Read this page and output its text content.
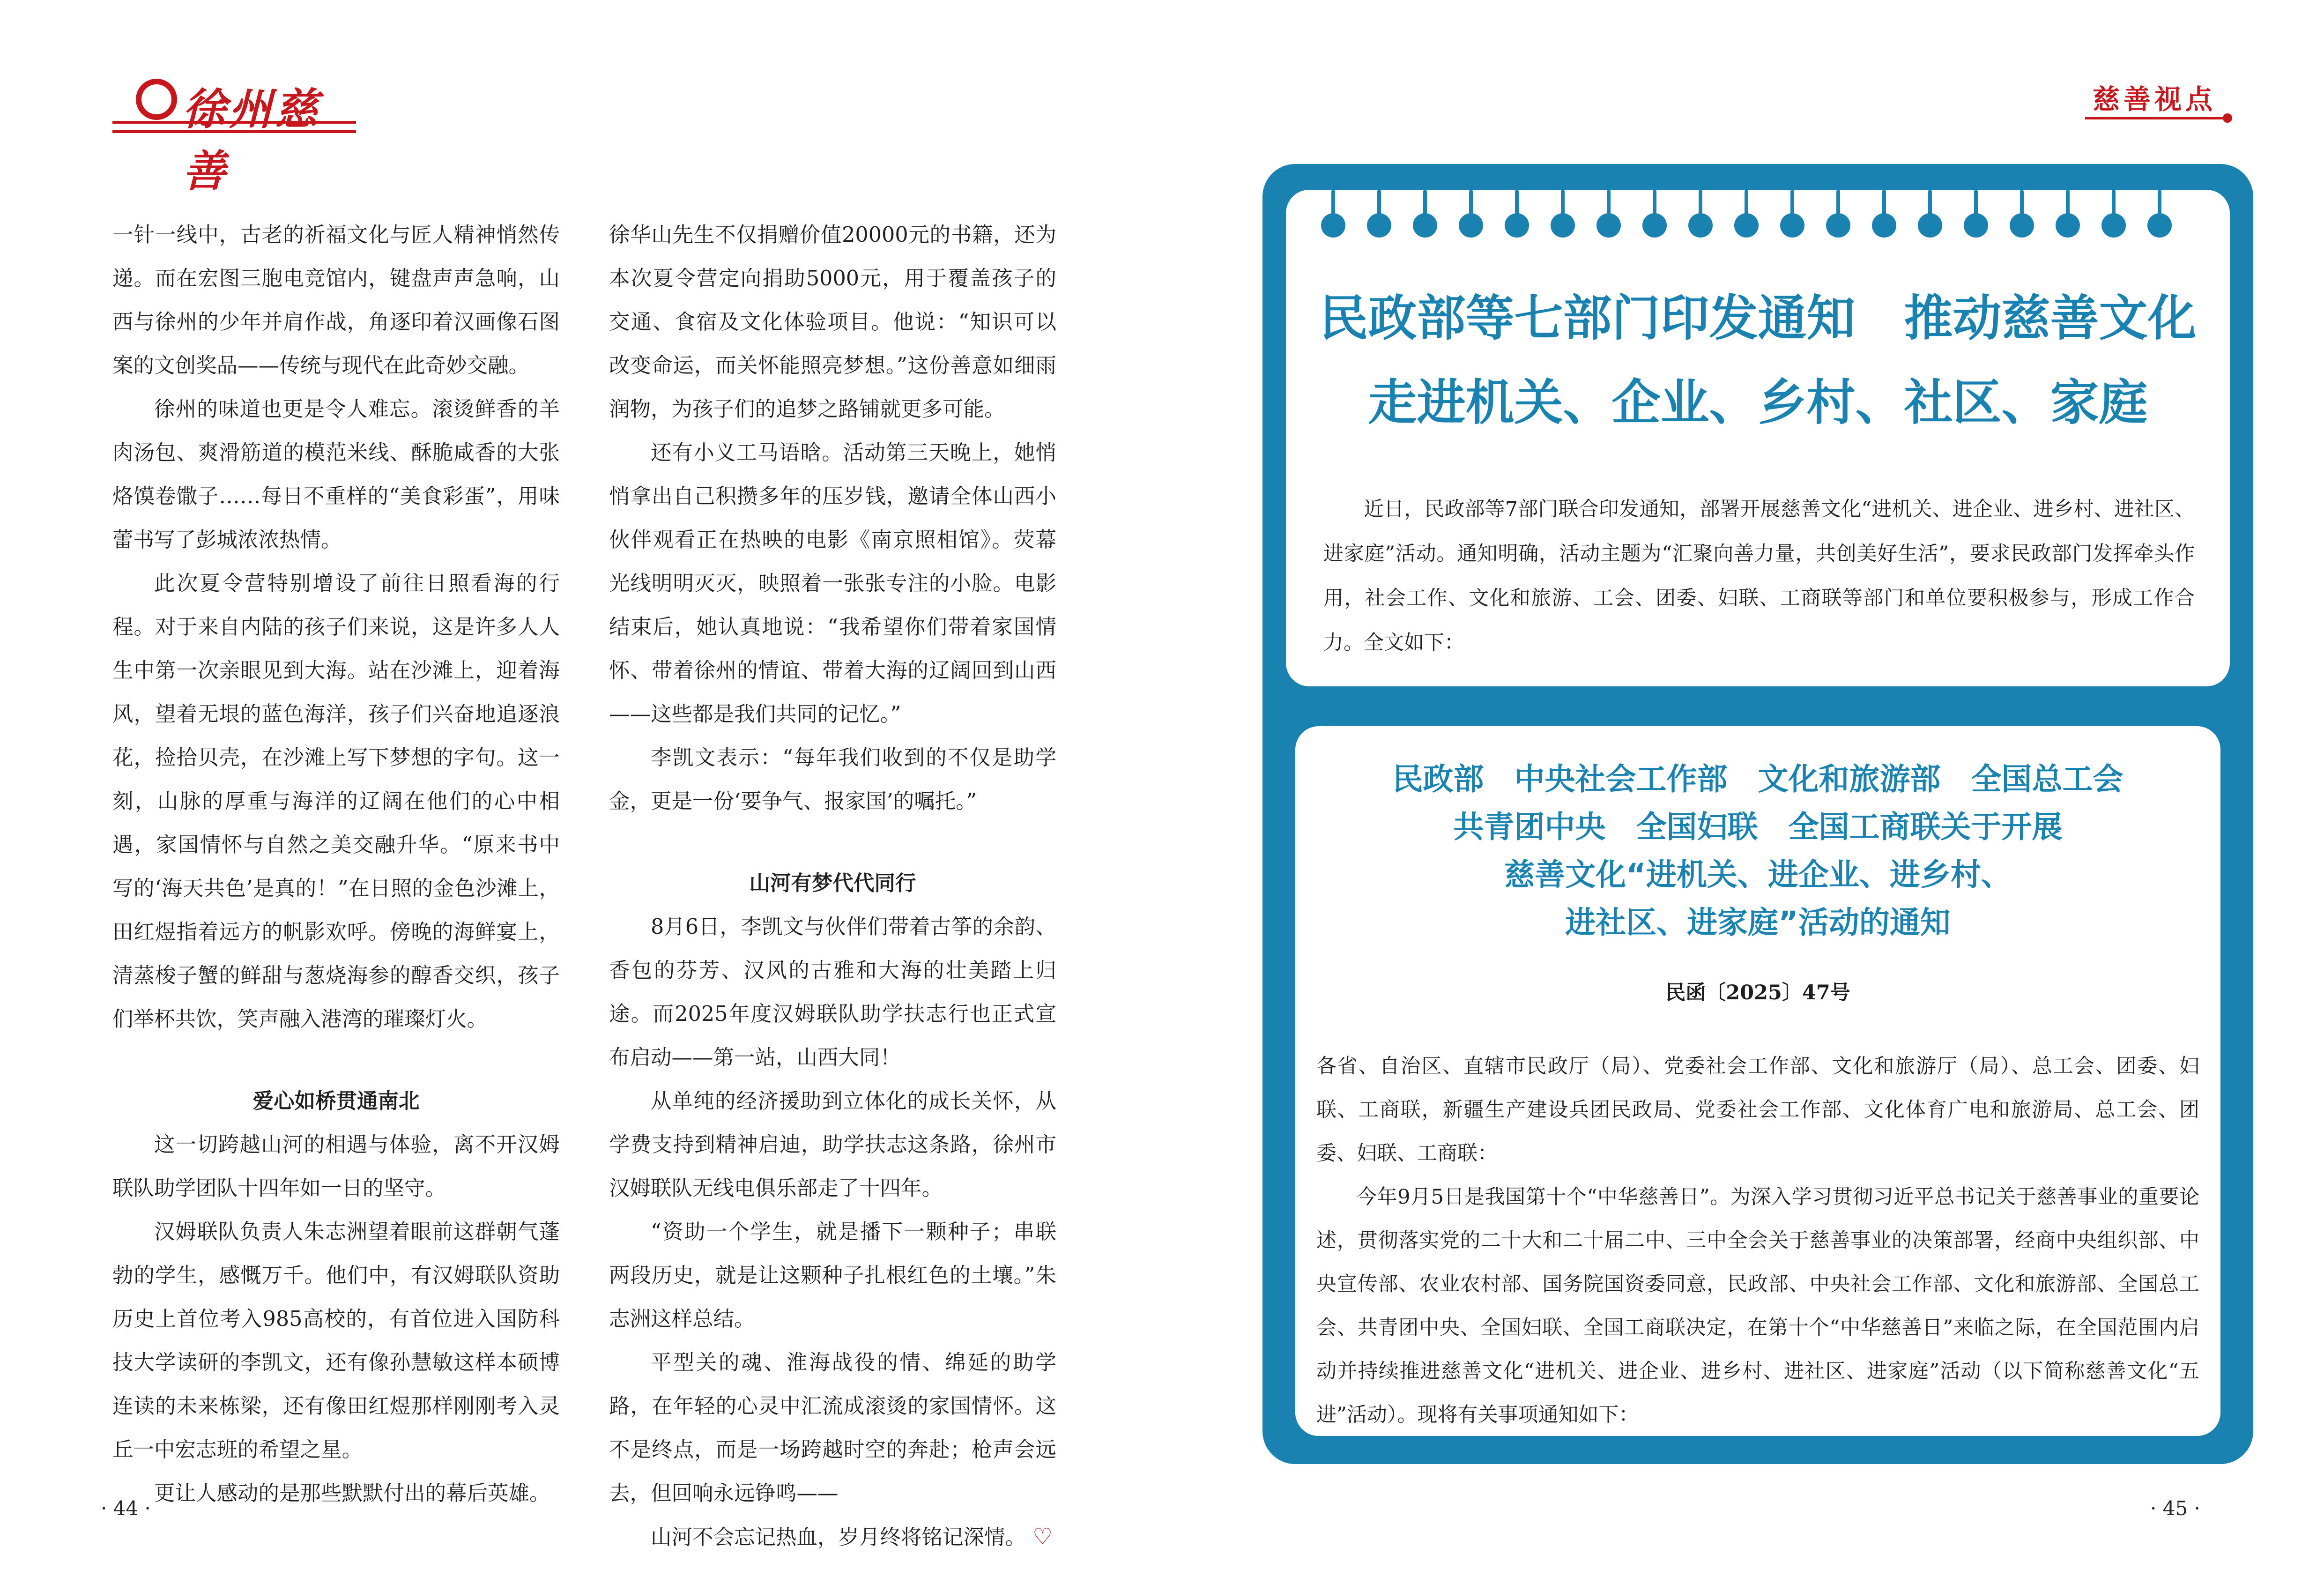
徐州慈善
慈善视点

一针一线中，古老的祈福文化与匠人精神悄然传递。而在宏图三胞电竞馆内，键盘声声急响，山西与徐州的少年并肩作战，角逐印着汉画像石图案的文创奖品——传统与现代在此奇妙交融。

徐州的味道也更是令人难忘。滚烫鲜香的羊肉汤包、爽滑筋道的模范米线、酥脆咸香的大张烙馍卷馓子……每日不重样的“美食彩蛋”，用味蕾书写了彭城浓浓热情。

此次夏令营特别增设了前往日照看海的行程。对于来自内陆的孩子们来说，这是许多人人生中第一次亲眼见到大海。站在沙滩上，迎着海风，望着无垠的蓝色海洋，孩子们兴奋地追逐浪花，捡拾贝壳，在沙滩上写下梦想的字句。这一刻，山脉的厚重与海洋的辽阔在他们的心中相遇，家国情怀与自然之美交融升华。“原来书中写的‘海天共色’是真的！”在日照的金色沙滩上，田红煜指着远方的帆影欢呼。傍晚的海鲜宴上，清蒸梭子蟹的鲜甜与葱烧海参的醇香交织，孩子们举杯共饮，笑声融入港湾的璀璨灯火。

爱心如桥贯通南北

这一切跨越山河的相遇与体验，离不开汉姆联队助学团队十四年如一日的坚守。

汉姆联队负责人朱志洲望着眼前这群朝气蓬勃的学生，感慨万千。他们中，有汉姆联队资助历史上首位考入985高校的，有首位进入国防科技大学读研的李凯文，还有像孙慧敏这样本硕博连读的未来栋梁，还有像田红煜那样刚刚考入灵丘一中宏志班的希望之星。

更让人感动的是那些默默付出的幕后英雄。

徐华山先生不仅捐赠价值20000元的书籍，还为本次夏令营定向捐助5000元，用于覆盖孩子的交通、食宿及文化体验项目。他说：“知识可以改变命运，而关怀能照亮梦想。”这份善意如细雨润物，为孩子们的追梦之路铺就更多可能。

还有小义工马语晗。活动第三天晚上，她悄悄拿出自己积攒多年的压岁钱，邀请全体山西小伙伴观看正在热映的电影《南京照相馆》。荧幕光线明明灭灭，映照着一张张专注的小脸。电影结束后，她认真地说：“我希望你们带着家国情怀、带着徐州的情谊、带着大海的辽阔回到山西——这些都是我们共同的记忆。”

李凯文表示：“每年我们收到的不仅是助学金，更是一份‘要争气、报家国’的嘱托。”

山河有梦代代同行

8月6日，李凯文与伙伴们带着古筝的余韵、香包的芬芳、汉风的古雅和大海的壮美踏上归途。而2025年度汉姆联队助学扶志行也正式宣布启动——第一站，山西大同！

从单纯的经济援助到立体化的成长关怀，从学费支持到精神启迪，助学扶志这条路，徐州市汉姆联队无线电俱乐部走了十四年。

“资助一个学生，就是播下一颗种子；串联两段历史，就是让这颗种子扎根红色的土壤。”朱志洲这样总结。

平型关的魂、淮海战役的情、绵延的助学路，在年轻的心灵中汇流成滚烫的家国情怀。这不是终点，而是一场跨越时空的奔赴；枪声会远去，但回响永远铮鸣——

山河不会忘记热血，岁月终将铭记深情。 ♡

· 44 ·
民政部等七部门印发通知　推动慈善文化
走进机关、企业、乡村、社区、家庭
近日，民政部等7部门联合印发通知，部署开展慈善文化“进机关、进企业、进乡村、进社区、进家庭”活动。通知明确，活动主题为“汇聚向善力量，共创美好生活”，要求民政部门发挥牵头作用，社会工作、文化和旅游、工会、团委、妇联、工商联等部门和单位要积极参与，形成工作合力。全文如下：
民政部　中央社会工作部　文化和旅游部　全国总工会
共青团中央　全国妇联　全国工商联关于开展
慈善文化“进机关、进企业、进乡村、
进社区、进家庭”活动的通知
民函〔2025〕47号

各省、自治区、直辖市民政厅（局）、党委社会工作部、文化和旅游厅（局）、总工会、团委、妇联、工商联，新疆生产建设兵团民政局、党委社会工作部、文化体育广电和旅游局、总工会、团委、妇联、工商联：

今年9月5日是我国第十个“中华慈善日”。为深入学习贯彻习近平总书记关于慈善事业的重要论述，贯彻落实党的二十大和二十届二中、三中全会关于慈善事业的决策部署，经商中央组织部、中央宣传部、农业农村部、国务院国资委同意，民政部、中央社会工作部、文化和旅游部、全国总工会、共青团中央、全国妇联、全国工商联决定，在第十个“中华慈善日”来临之际，在全国范围内启动并持续推进慈善文化“进机关、进企业、进乡村、进社区、进家庭”活动（以下简称慈善文化“五进”活动）。现将有关事项通知如下：

· 45 ·
